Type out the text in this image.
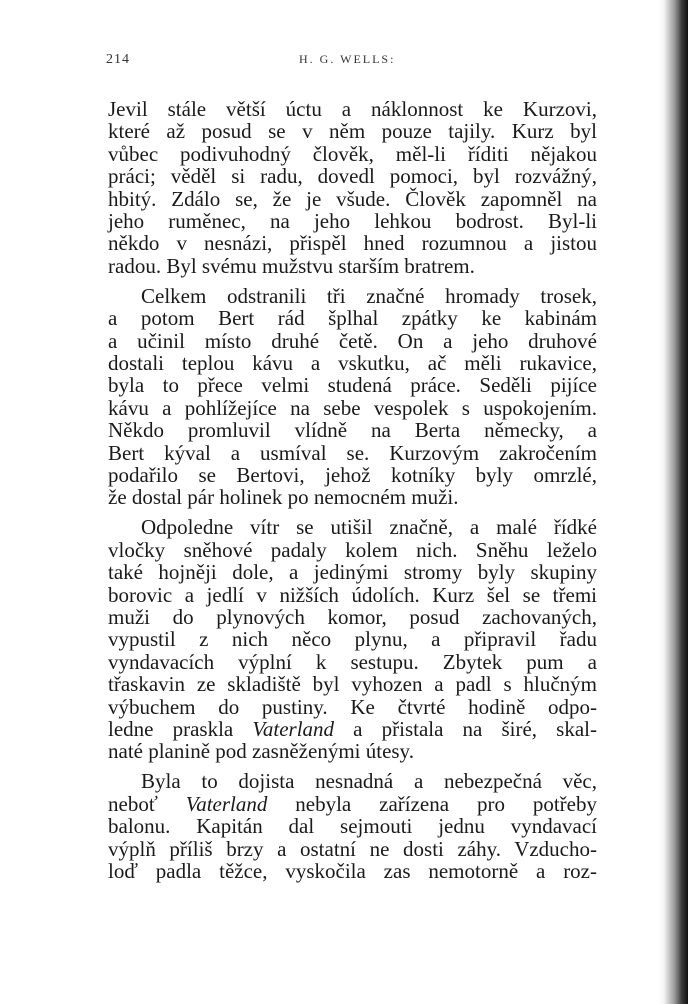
214	H. G. WELLS:
Jevil stále větší úctu a náklonnost ke Kurzovi,
které až posud se v něm pouze tajily. Kurz byl
vůbec podivuhodný člověk, měl-li říditi nějakou
práci; věděl si radu, dovedl pomoci, byl rozvážný,
hbitý. Zdálo se, že je všude. Člověk zapomněl na
jeho ruměnec, na jeho lehkou bodrost. Byl-li
někdo v nesnázi, přispěl hned rozumnou a jistou
radou. Byl svému mužstvu starším bratrem.
Celkem odstranili tři značné hromady trosek,
a potom Bert rád šplhal zpátky ke kabinám
a učinil místo druhé četě. On a jeho druhové
dostali teplou kávu a vskutku, ač měli rukavice,
byla to přece velmi studená práce. Seděli pijíce
kávu a pohlížejíce na sebe vespolek s uspokojením.
Někdo promluvil vlídně na Berta německy, a
Bert kýval a usmíval se. Kurzovým zakročením
podařilo se Bertovi, jehož kotníky byly omrzlé,
že dostal pár holinek po nemocném muži.
Odpoledne vítr se utišil značně, a malé řídké
vločky sněhové padaly kolem nich. Sněhu leželo
také hojněji dole, a jedinými stromy byly skupiny
borovic a jedlí v nižších údolích. Kurz šel se třemi
muži do plynových komor, posud zachovaných,
vypustil z nich něco plynu, a připravil řadu
vyndavacích výplní k sestupu. Zbytek pum a
třaskavin ze skladiště byl vyhozen a padl s hlučným
výbuchem do pustiny. Ke čtvrté hodině odpo-
ledne praskla Vaterland a přistala na širé, skal-
naté planině pod zasněženými útesy.
Byla to dojista nesnadná a nebezpečná věc,
neboť Vaterland nebyla zařízena pro potřeby
balonu. Kapitán dal sejmouti jednu vyndavací
výplň příliš brzy a ostatní ne dosti záhy. Vzducho-
loď padla těžce, vyskočila zas nemotorně a roz-
